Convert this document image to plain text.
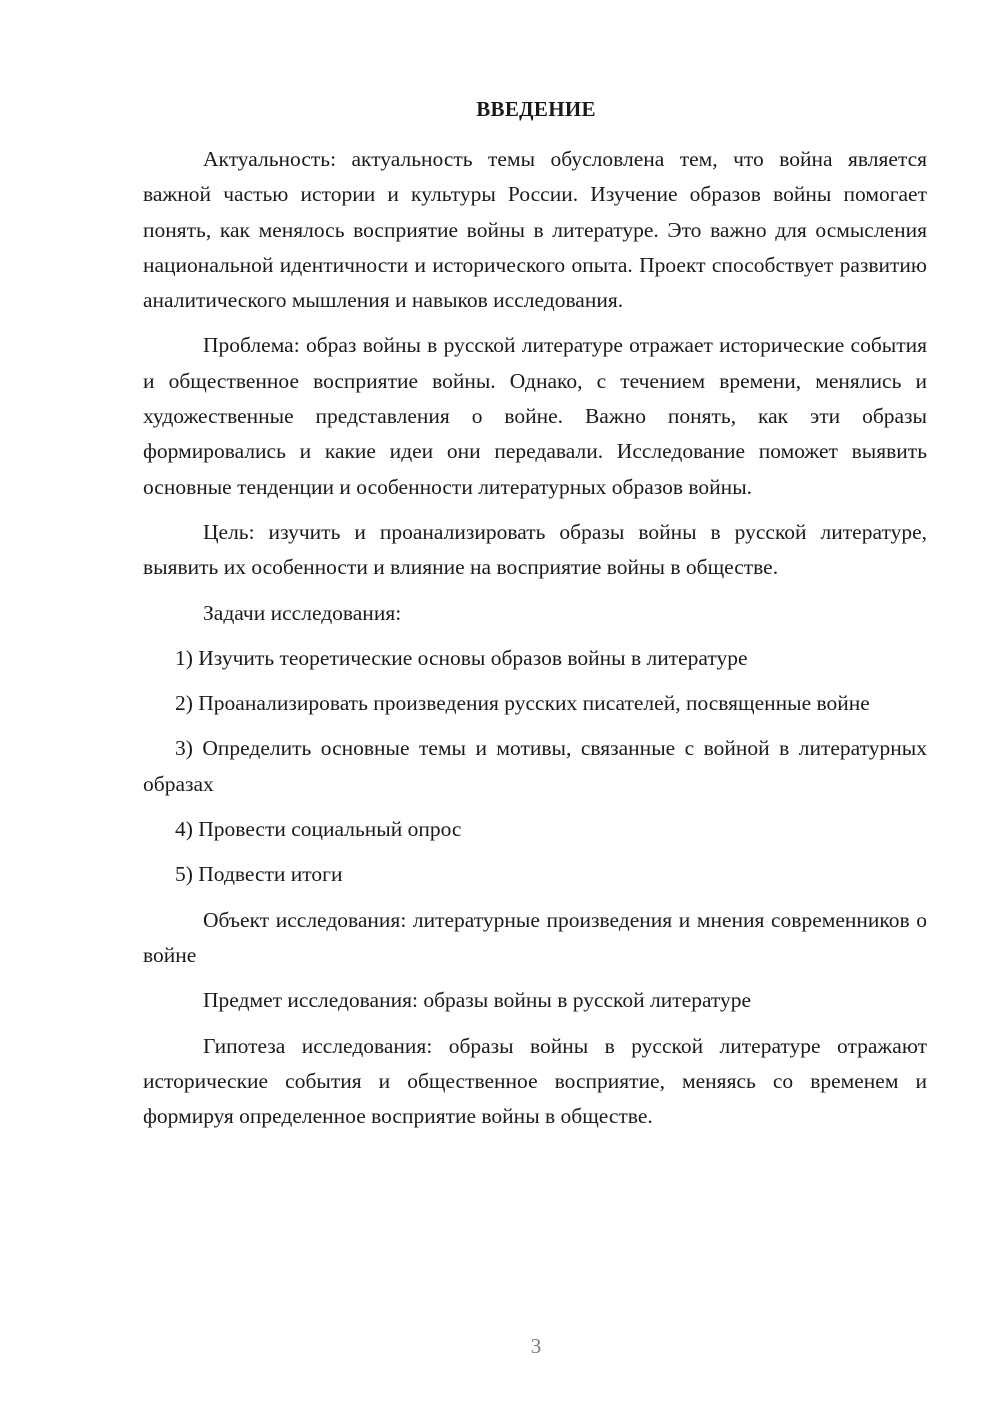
ВВЕДЕНИЕ

Актуальность: актуальность темы обусловлена тем, что война является важной частью истории и культуры России. Изучение образов войны помогает понять, как менялось восприятие войны в литературе. Это важно для осмысления национальной идентичности и исторического опыта. Проект способствует развитию аналитического мышления и навыков исследования.

Проблема: образ войны в русской литературе отражает исторические события и общественное восприятие войны. Однако, с течением времени, менялись и художественные представления о войне. Важно понять, как эти образы формировались и какие идеи они передавали. Исследование поможет выявить основные тенденции и особенности литературных образов войны.

Цель: изучить и проанализировать образы войны в русской литературе, выявить их особенности и влияние на восприятие войны в обществе.

Задачи исследования:

1) Изучить теоретические основы образов войны в литературе

2) Проанализировать произведения русских писателей, посвященные войне

3) Определить основные темы и мотивы, связанные с войной в литературных образах

4) Провести социальный опрос

5) Подвести итоги

Объект исследования: литературные произведения и мнения современников о войне

Предмет исследования: образы войны в русской литературе

Гипотеза исследования: образы войны в русской литературе отражают исторические события и общественное восприятие, меняясь со временем и формируя определенное восприятие войны в обществе.

3
